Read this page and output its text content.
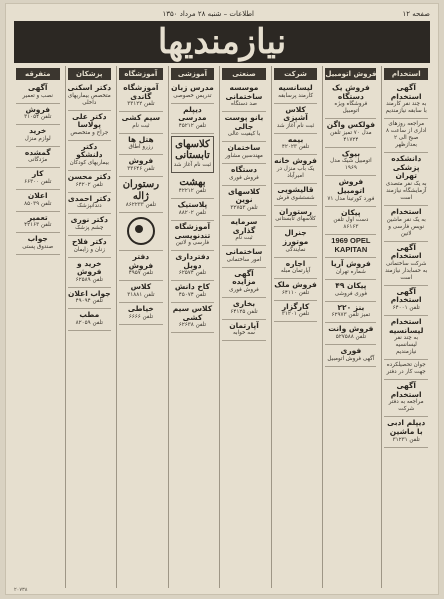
صفحه ۱۲
اطلاعات – شنبه ۲۸ مرداد ۱۳۵۰
نیازمندیها
استخدام
آگهی استخدام
به چند نفر کارمند با سابقه نیازمندیم
مراجعه روزهای اداری از ساعت ۸ صبح الی ۲ بعدازظهر
دانشکده پزشکی تهران
به یک نفر متصدی آزمایشگاه نیازمند است
استخدام
به یک نفر ماشین نویس فارسی و لاتین
آگهی استخدام
شرکت ساختمانی به حسابدار نیازمند است
آگهی استخدام
تلفن ۶۴۰۰۱
استخدام لیسانسیه
به چند نفر لیسانسیه نیازمندیم
جوان تحصیلکرده جهت کار در دفتر
آگهی استخدام
مراجعه به دفتر شرکت
دیپلم ادبی با ماشین
تلفن ۳۱۲۳۱
فروش اتومبیل
فروش یک دستگاه
فروشگاه ویژه اتومبیل
فولکس واگن
مدل ۷۰ تمیز تلفن ۴۱۷۲۴
بیوک
اتومبیل شیک مدل ۱۹۶۹
فروش اتومبیل
فورد کورتینا مدل ۷۱
پیکان
دست اول تلفن ۸۶۱۶۳
1969 OPEL KAPITAN
فروش آریا
شماره تهران
پیکان ۴۹
فوری فروشی
بنز ۲۲۰
تمیز تلفن ۶۲۹۷۳
فروش وانت
تلفن ۵۲۷۵۸۸
فوری
آگهی فروش اتومبیل
شرکت
لیسانسیه
کارمند پرسابقه
کلاس آشپزی
ثبت نام آغاز شد
بیمه
تلفن ۴۲۰۲۳
فروش خانه
یک باب منزل در امیرآباد
قالیشویی
شستشوی فرش
رستوران
کلاسهای تابستانی
جنرال موتورز
نمایندگی
اجاره
آپارتمان مبله
فروش ملک
تلفن ۶۴۱۱۰
کارگزار
تلفن ۳۱۲۰۱
صنعتی
موسسه ساختمانی
صد دستگاه
بانو پوست جالی
با کیفیت عالی
ساختمان
مهندسین مشاور
دستگاه
فروش فوری
کلاسهای نوین
تلفن ۳۲۷۵۳
سرمایه گذاری
ثبت نام
ساختمانی
امور ساختمانی
آگهی مزایده
فروش فوری
بخاری
تلفن ۶۴۱۲۵
آپارتمان
سه خوابه
آموزشی
مدرس زبان
تدریس خصوصی
دیپلم مدرسی
تلفن ۴۵۲۱۲
کلاسهای تابستانی
ثبت نام آغاز شد
بهشت
تلفن ۴۲۲۱۲
پلاستیک
تلفن ۸۸۲۰۲
آموزشگاه تندنویسی
فارسی و لاتین
دفترداری دوبل
تلفن ۶۲۵۷۴
کاخ دانش
تلفن ۴۵۰۷۴
کلاس سیم کشی
تلفن ۶۲۶۳۸
آموزشگاه
آموزشگاه گاندی
تلفن ۳۳۱۲۲
سیم کشی
ثبت نام
هتل ها
رزرو اطاق
فروش
تلفن ۳۳۶۴۶
رستوران ژاله
تلفن ۸۶۲۲۳۳
دفتر فروش
تلفن ۴۹۵۷
کلاس
تلفن ۳۱۸۸۱
خیاطی
تلفن ۶۶۶۶
پزشکان
دکتر اسکنی
متخصص بیماریهای داخلی
دکتر علی پولاسا
جراح و متخصص
دکتر دلنشکو
بیماریهای کودکان
دکتر محسن
تلفن ۶۴۲۰۲
دکتر احمدی
دندانپزشک
دکتر نوری
چشم پزشک
دکتر فلاح
زنان و زایمان
خرید و فروش
تلفن ۶۲۵۸۹
جواب اعلان
تلفن ۴۹۰۹۴
مطب
تلفن ۸۲۰۵۹
متفرقه
آگهی
نصب و تعمیر
فروش
تلفن ۳۱۰۵۴
خرید
لوازم منزل
گمشده
مژدگانی
کار
تلفن ۶۶۳۰۰
اعلان
تلفن ۸۵۰۳۹
تعمیر
تلفن ۴۲۱۶۳
جواب
صندوق پستی
۲۰۷۳۸
